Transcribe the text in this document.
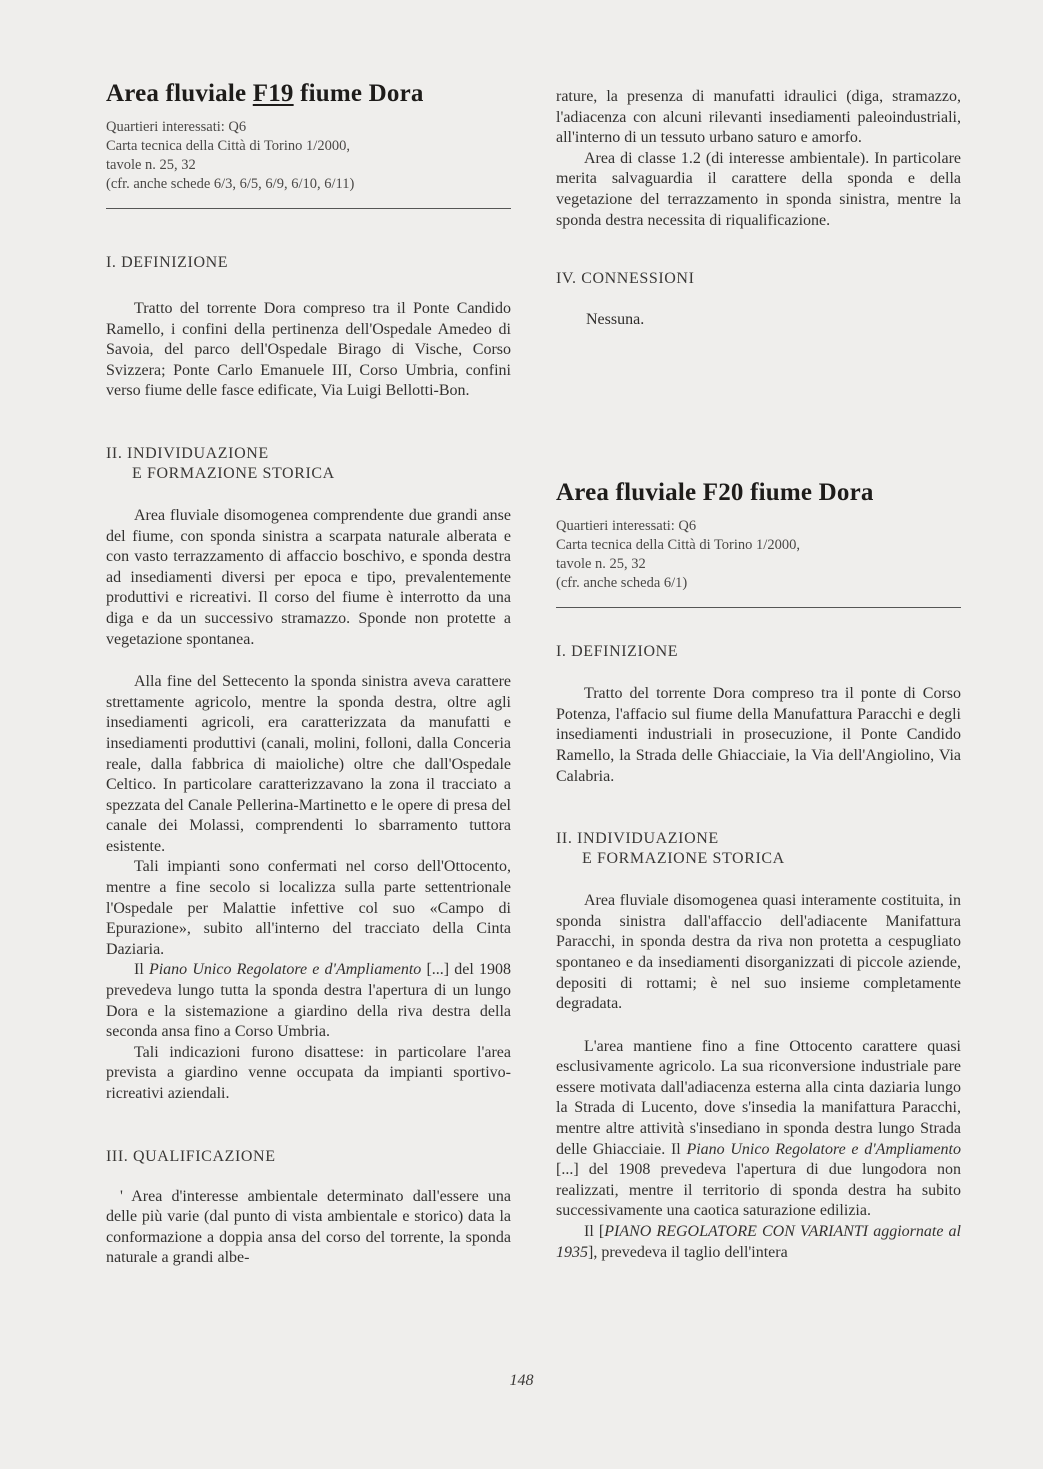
Area fluviale F19 fiume Dora
Quartieri interessati: Q6
Carta tecnica della Città di Torino 1/2000,
tavole n. 25, 32
(cfr. anche schede 6/3, 6/5, 6/9, 6/10, 6/11)
I. DEFINIZIONE

Tratto del torrente Dora compreso tra il Ponte Candido Ramello, i confini della pertinenza dell'Ospedale Amedeo di Savoia, del parco dell'Ospedale Birago di Vische, Corso Svizzera; Ponte Carlo Emanuele III, Corso Umbria, confini verso fiume delle fasce edificate, Via Luigi Bellotti-Bon.

II. INDIVIDUAZIONE
E FORMAZIONE STORICA

Area fluviale disomogenea comprendente due grandi anse del fiume, con sponda sinistra a scarpata naturale alberata e con vasto terrazzamento di affaccio boschivo, e sponda destra ad insediamenti diversi per epoca e tipo, prevalentemente produttivi e ricreativi. Il corso del fiume è interrotto da una diga e da un successivo stramazzo. Sponde non protette a vegetazione spontanea.

Alla fine del Settecento la sponda sinistra aveva carattere strettamente agricolo, mentre la sponda destra, oltre agli insediamenti agricoli, era caratterizzata da manufatti e insediamenti produttivi (canali, molini, folloni, dalla Conceria reale, dalla fabbrica di maioliche) oltre che dall'Ospedale Celtico. In particolare caratterizzavano la zona il tracciato a spezzata del Canale Pellerina-Martinetto e le opere di presa del canale dei Molassi, comprendenti lo sbarramento tuttora esistente.

Tali impianti sono confermati nel corso dell'Ottocento, mentre a fine secolo si localizza sulla parte settentrionale l'Ospedale per Malattie infettive col suo «Campo di Epurazione», subito all'interno del tracciato della Cinta Daziaria.

Il Piano Unico Regolatore e d'Ampliamento [...] del 1908 prevedeva lungo tutta la sponda destra l'apertura di un lungo Dora e la sistemazione a giardino della riva destra della seconda ansa fino a Corso Umbria.

Tali indicazioni furono disattese: in particolare l'area prevista a giardino venne occupata da impianti sportivo-ricreativi aziendali.

III. QUALIFICAZIONE

' Area d'interesse ambientale determinato dall'essere una delle più varie (dal punto di vista ambientale e storico) data la conformazione a doppia ansa del corso del torrente, la sponda naturale a grandi albe-

rature, la presenza di manufatti idraulici (diga, stramazzo, l'adiacenza con alcuni rilevanti insediamenti paleoindustriali, all'interno di un tessuto urbano saturo e amorfo.

Area di classe 1.2 (di interesse ambientale). In particolare merita salvaguardia il carattere della sponda e della vegetazione del terrazzamento in sponda sinistra, mentre la sponda destra necessita di riqualificazione.

IV. CONNESSIONI
Nessuna.
Area fluviale F20 fiume Dora
Quartieri interessati: Q6
Carta tecnica della Città di Torino 1/2000,
tavole n. 25, 32
(cfr. anche scheda 6/1)
I. DEFINIZIONE

Tratto del torrente Dora compreso tra il ponte di Corso Potenza, l'affacio sul fiume della Manufattura Paracchi e degli insediamenti industriali in prosecuzione, il Ponte Candido Ramello, la Strada delle Ghiacciaie, la Via dell'Angiolino, Via Calabria.

II. INDIVIDUAZIONE
E FORMAZIONE STORICA

Area fluviale disomogenea quasi interamente costituita, in sponda sinistra dall'affaccio dell'adiacente Manifattura Paracchi, in sponda destra da riva non protetta a cespugliato spontaneo e da insediamenti disorganizzati di piccole aziende, depositi di rottami; è nel suo insieme completamente degradata.

L'area mantiene fino a fine Ottocento carattere quasi esclusivamente agricolo. La sua riconversione industriale pare essere motivata dall'adiacenza esterna alla cinta daziaria lungo la Strada di Lucento, dove s'insedia la manifattura Paracchi, mentre altre attività s'insediano in sponda destra lungo Strada delle Ghiacciaie. Il Piano Unico Regolatore e d'Ampliamento [...] del 1908 prevedeva l'apertura di due lungodora non realizzati, mentre il territorio di sponda destra ha subito successivamente una caotica saturazione edilizia.

Il [PIANO REGOLATORE CON VARIANTI aggiornate al 1935], prevedeva il taglio dell'intera

148
